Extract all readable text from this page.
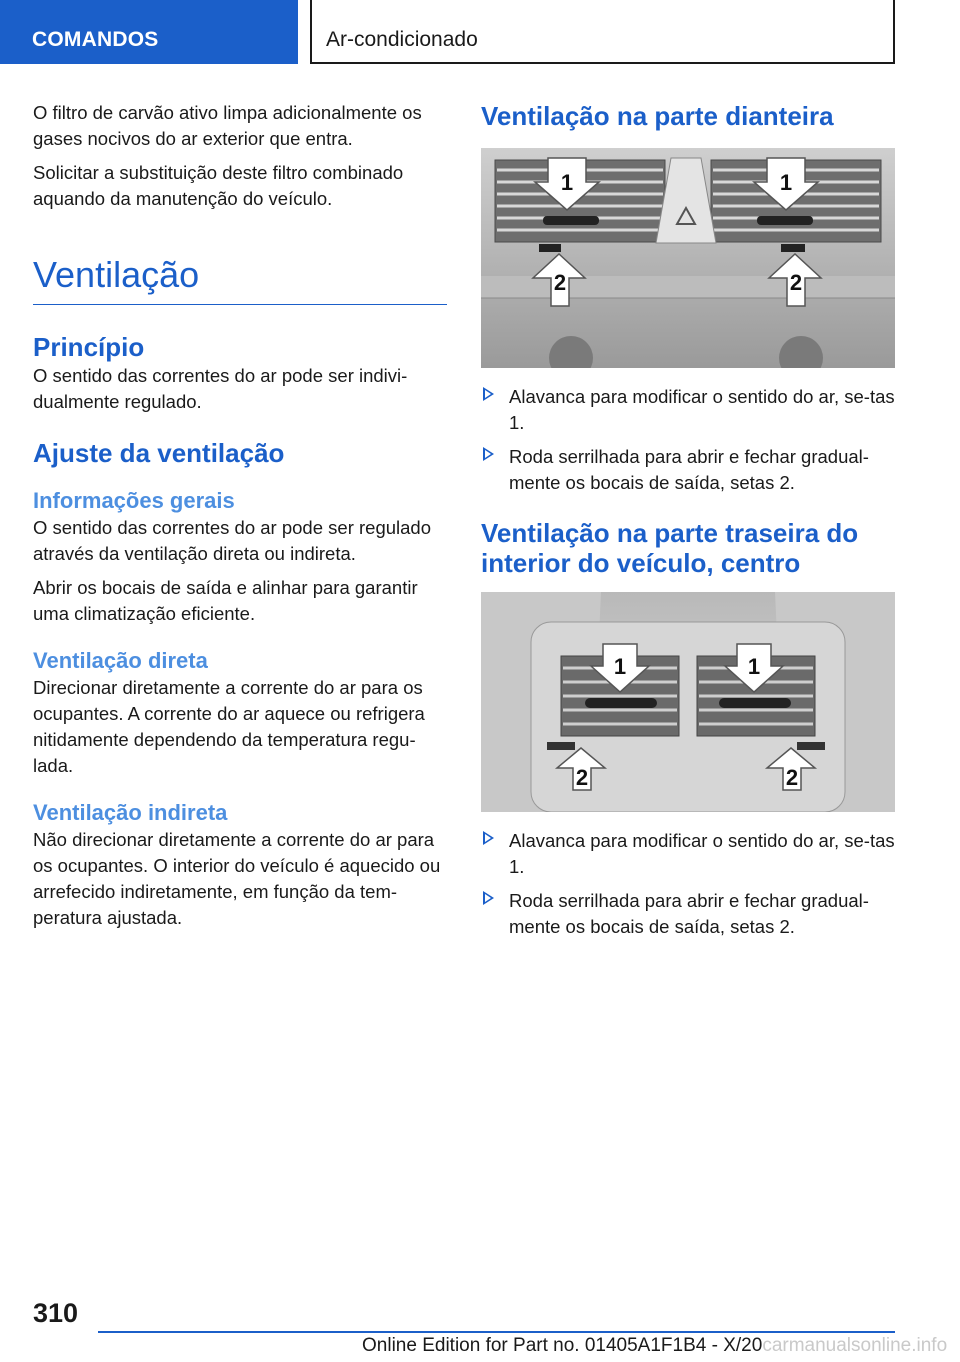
COMANDOS	Ar-condicionado

O filtro de carvão ativo limpa adicionalmente os gases nocivos do ar exterior que entra.

Solicitar a substituição deste filtro combinado aquando da manutenção do veículo.

Ventilação
Princípio

O sentido das correntes do ar pode ser indivi‐dualmente regulado.

Ajuste da ventilação
Informações gerais

O sentido das correntes do ar pode ser regulado através da ventilação direta ou indireta.

Abrir os bocais de saída e alinhar para garantir uma climatização eficiente.

Ventilação direta

Direcionar diretamente a corrente do ar para os ocupantes. A corrente do ar aquece ou refrigera nitidamente dependendo da temperatura regu‐lada.

Ventilação indireta

Não direcionar diretamente a corrente do ar para os ocupantes. O interior do veículo é aquecido ou arrefecido indiretamente, em função da tem‐peratura ajustada.

Ventilação na parte dianteira
1	1
2	2
Alavanca para modificar o sentido do ar, se‐tas 1.
Roda serrilhada para abrir e fechar gradual‐mente os bocais de saída, setas 2.
Ventilação na parte traseira do interior do veículo, centro
1	1
2	2
Alavanca para modificar o sentido do ar, se‐tas 1.
Roda serrilhada para abrir e fechar gradual‐mente os bocais de saída, setas 2.
310
Online Edition for Part no. 01405A1F1B4 - X/20carmanualsonline.info
